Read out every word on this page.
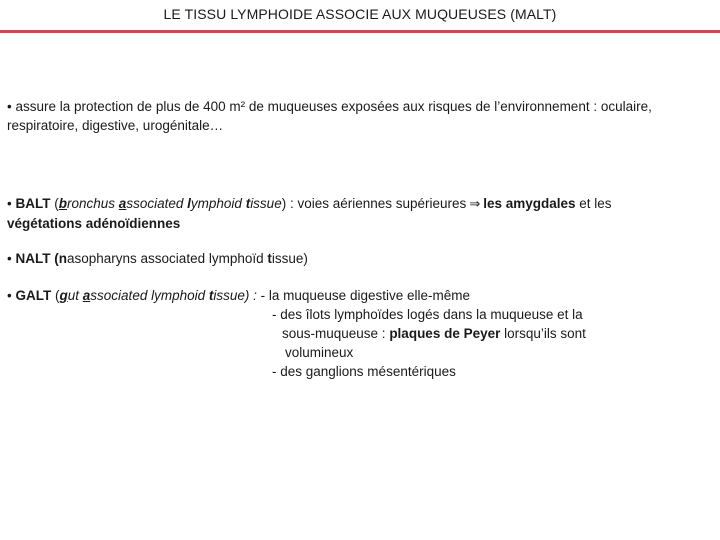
LE TISSU LYMPHOIDE ASSOCIE AUX MUQUEUSES (MALT)

• assure la protection de plus de 400 m² de muqueuses exposées aux risques de l’environnement : oculaire, respiratoire, digestive, urogénitale…

• BALT (bronchus associated lymphoid tissue) : voies aériennes supérieures ⇒ les amygdales et les végétations adénoïdiennes

• NALT (nasopharyns associated lymphoïd tissue)

• GALT (gut associated lymphoid tissue) : - la muqueuse digestive elle-même

- des îlots lymphoïdes logés dans la muqueuse et la
sous-muqueuse : plaques de Peyer lorsqu’ils sont
volumineux
- des ganglions mésentériques
